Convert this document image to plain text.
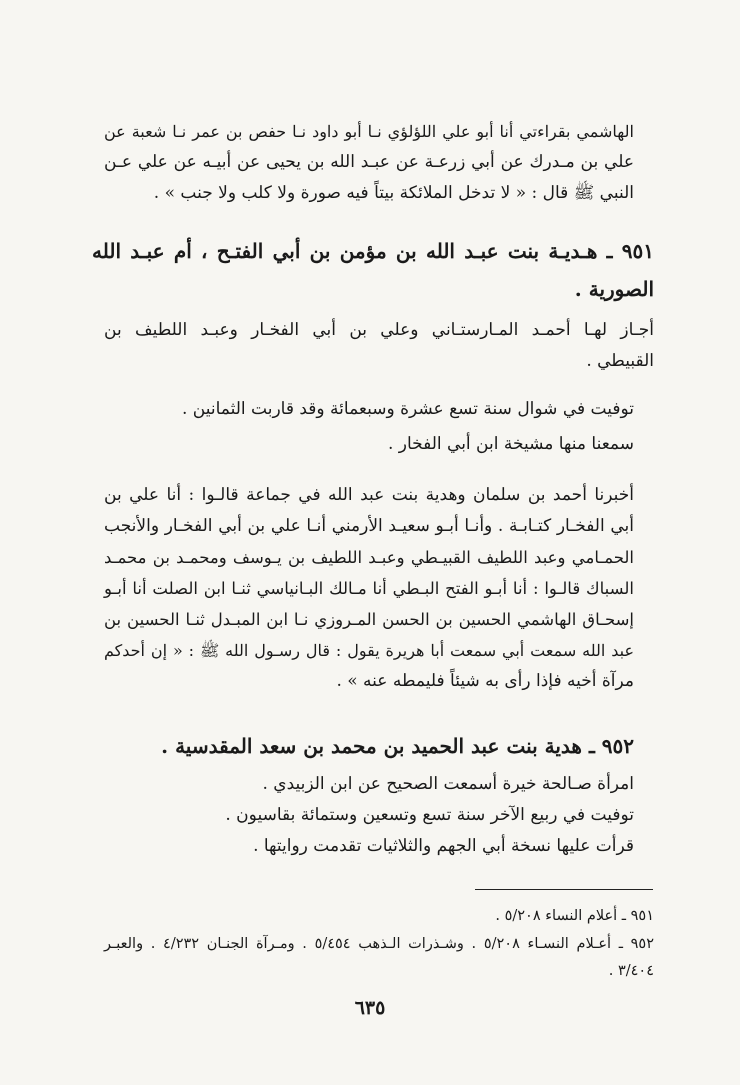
الهاشمي بقراءتي أنا أبو علي اللؤلؤي نـا أبو داود نـا حفص بن عمر نـا شعبة عن
علي بن مـدرك عن أبي زرعـة عن عبـد الله بن يحيى عن أبيـه عن علي عـن
النبي ﷺ قال : « لا تدخل الملائكة بيتاً فيه صورة ولا كلب ولا جنب » .
٩٥١ ـ هـديـة بنت عبـد الله بن مؤمن بن أبي الفتـح ، أم عبـد الله
الصورية .
أجـاز لهـا أحمـد المـارستـاني وعلي بن أبي الفخـار وعبـد اللطيف بن
القبيطي .
توفيت في شوال سنة تسع عشرة وسبعمائة وقد قاربت الثمانين .
سمعنا منها مشيخة ابن أبي الفخار .
أخبرنا أحمد بن سلمان وهدية بنت عبد الله في جماعة قالـوا : أنا علي بن
أبي الفخـار كتـابـة . وأنـا أبـو سعيـد الأرمني أنـا علي بن أبي الفخـار والأنجب
الحمـامي وعبد اللطيف القبيـطي وعبـد اللطيف بن يـوسف ومحمـد بن محمـد
السباك قالـوا : أنا أبـو الفتح البـطي أنا مـالك البـانياسي ثنـا ابن الصلت أنا أبـو
إسحـاق الهاشمي الحسين بن الحسن المـروزي نـا ابن المبـدل ثنـا الحسين بن
عبد الله سمعت أبي سمعت أبا هريرة يقول : قال رسـول الله ﷺ : « إن أحدكم
مرآة أخيه فإذا رأى به شيئاً فليمطه عنه » .
٩٥٢ ـ هدية بنت عبد الحميد بن محمد بن سعد المقدسية .
امرأة صـالحة خيرة أسمعت الصحيح عن ابن الزبيدي .
توفيت في ربيع الآخر سنة تسع وتسعين وستمائة بقاسيون .
قرأت عليها نسخة أبي الجهم والثلاثيات تقدمت روايتها .
٩٥١ ـ أعلام النساء ٥/٢٠٨ .
٩٥٢ ـ أعـلام النسـاء ٥/٢٠٨ . وشـذرات الـذهب ٥/٤٥٤ . ومـرآة الجنـان ٤/٢٣٢ . والعبـر
٣/٤٠٤ .
٦٣٥
